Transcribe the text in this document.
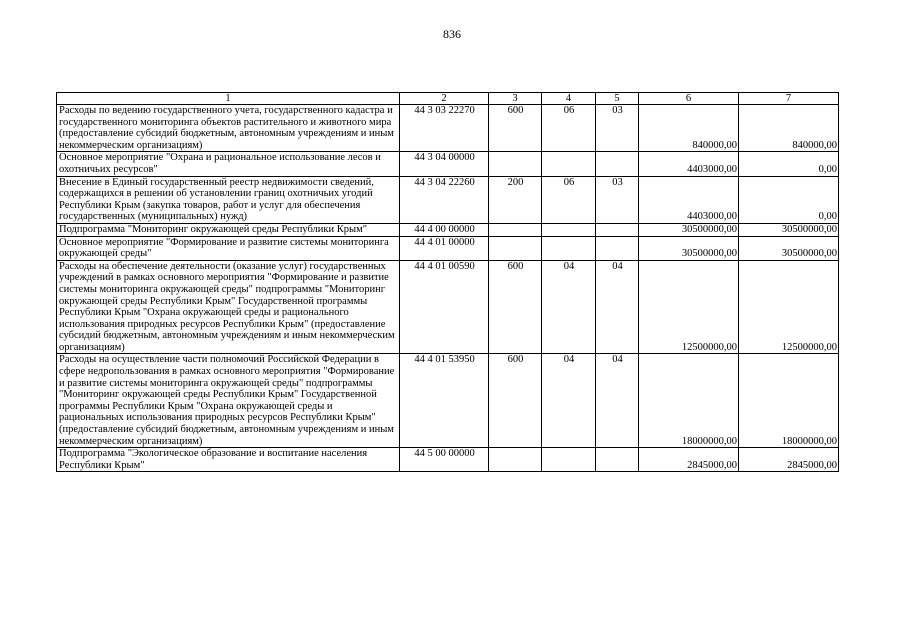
836
1	2	3	4	5	6	7
Расходы по ведению государственного учета, государственного кадастра и государственного мониторинга объектов растительного и животного мира (предоставление субсидий бюджетным, автономным учреждениям и иным некоммерческим организациям)	44 3 03 22270	600	06	03	840000,00	840000,00
Основное мероприятие "Охрана и рациональное использование лесов и охотничьих ресурсов"	44 3 04 00000				4403000,00	0,00
Внесение в Единый государственный реестр недвижимости сведений, содержащихся в решении об установлении границ охотничьих угодий Республики Крым (закупка товаров, работ и услуг для обеспечения государственных (муниципальных) нужд)	44 3 04 22260	200	06	03	4403000,00	0,00
Подпрограмма "Мониторинг окружающей среды Республики Крым"	44 4 00 00000				30500000,00	30500000,00
Основное мероприятие "Формирование и развитие системы мониторинга окружающей среды"	44 4 01 00000				30500000,00	30500000,00
Расходы на обеспечение деятельности (оказание услуг) государственных учреждений в рамках основного мероприятия "Формирование и развитие системы мониторинга окружающей среды" подпрограммы "Мониторинг окружающей среды Республики Крым" Государственной программы Республики Крым "Охрана окружающей среды и рационального использования природных ресурсов Республики Крым" (предоставление субсидий бюджетным, автономным учреждениям и иным некоммерческим организациям)	44 4 01 00590	600	04	04	12500000,00	12500000,00
Расходы на осуществление части полномочий Российской Федерации в сфере недропользования в рамках основного мероприятия "Формирование и развитие системы мониторинга окружающей среды" подпрограммы "Мониторинг окружающей среды Республики Крым" Государственной программы Республики Крым "Охрана окружающей среды и рациональных использования природных ресурсов Республики Крым" (предоставление субсидий бюджетным, автономным учреждениям и иным некоммерческим организациям)	44 4 01 53950	600	04	04	18000000,00	18000000,00
Подпрограмма "Экологическое образование и воспитание населения Республики Крым"	44 5 00 00000				2845000,00	2845000,00
